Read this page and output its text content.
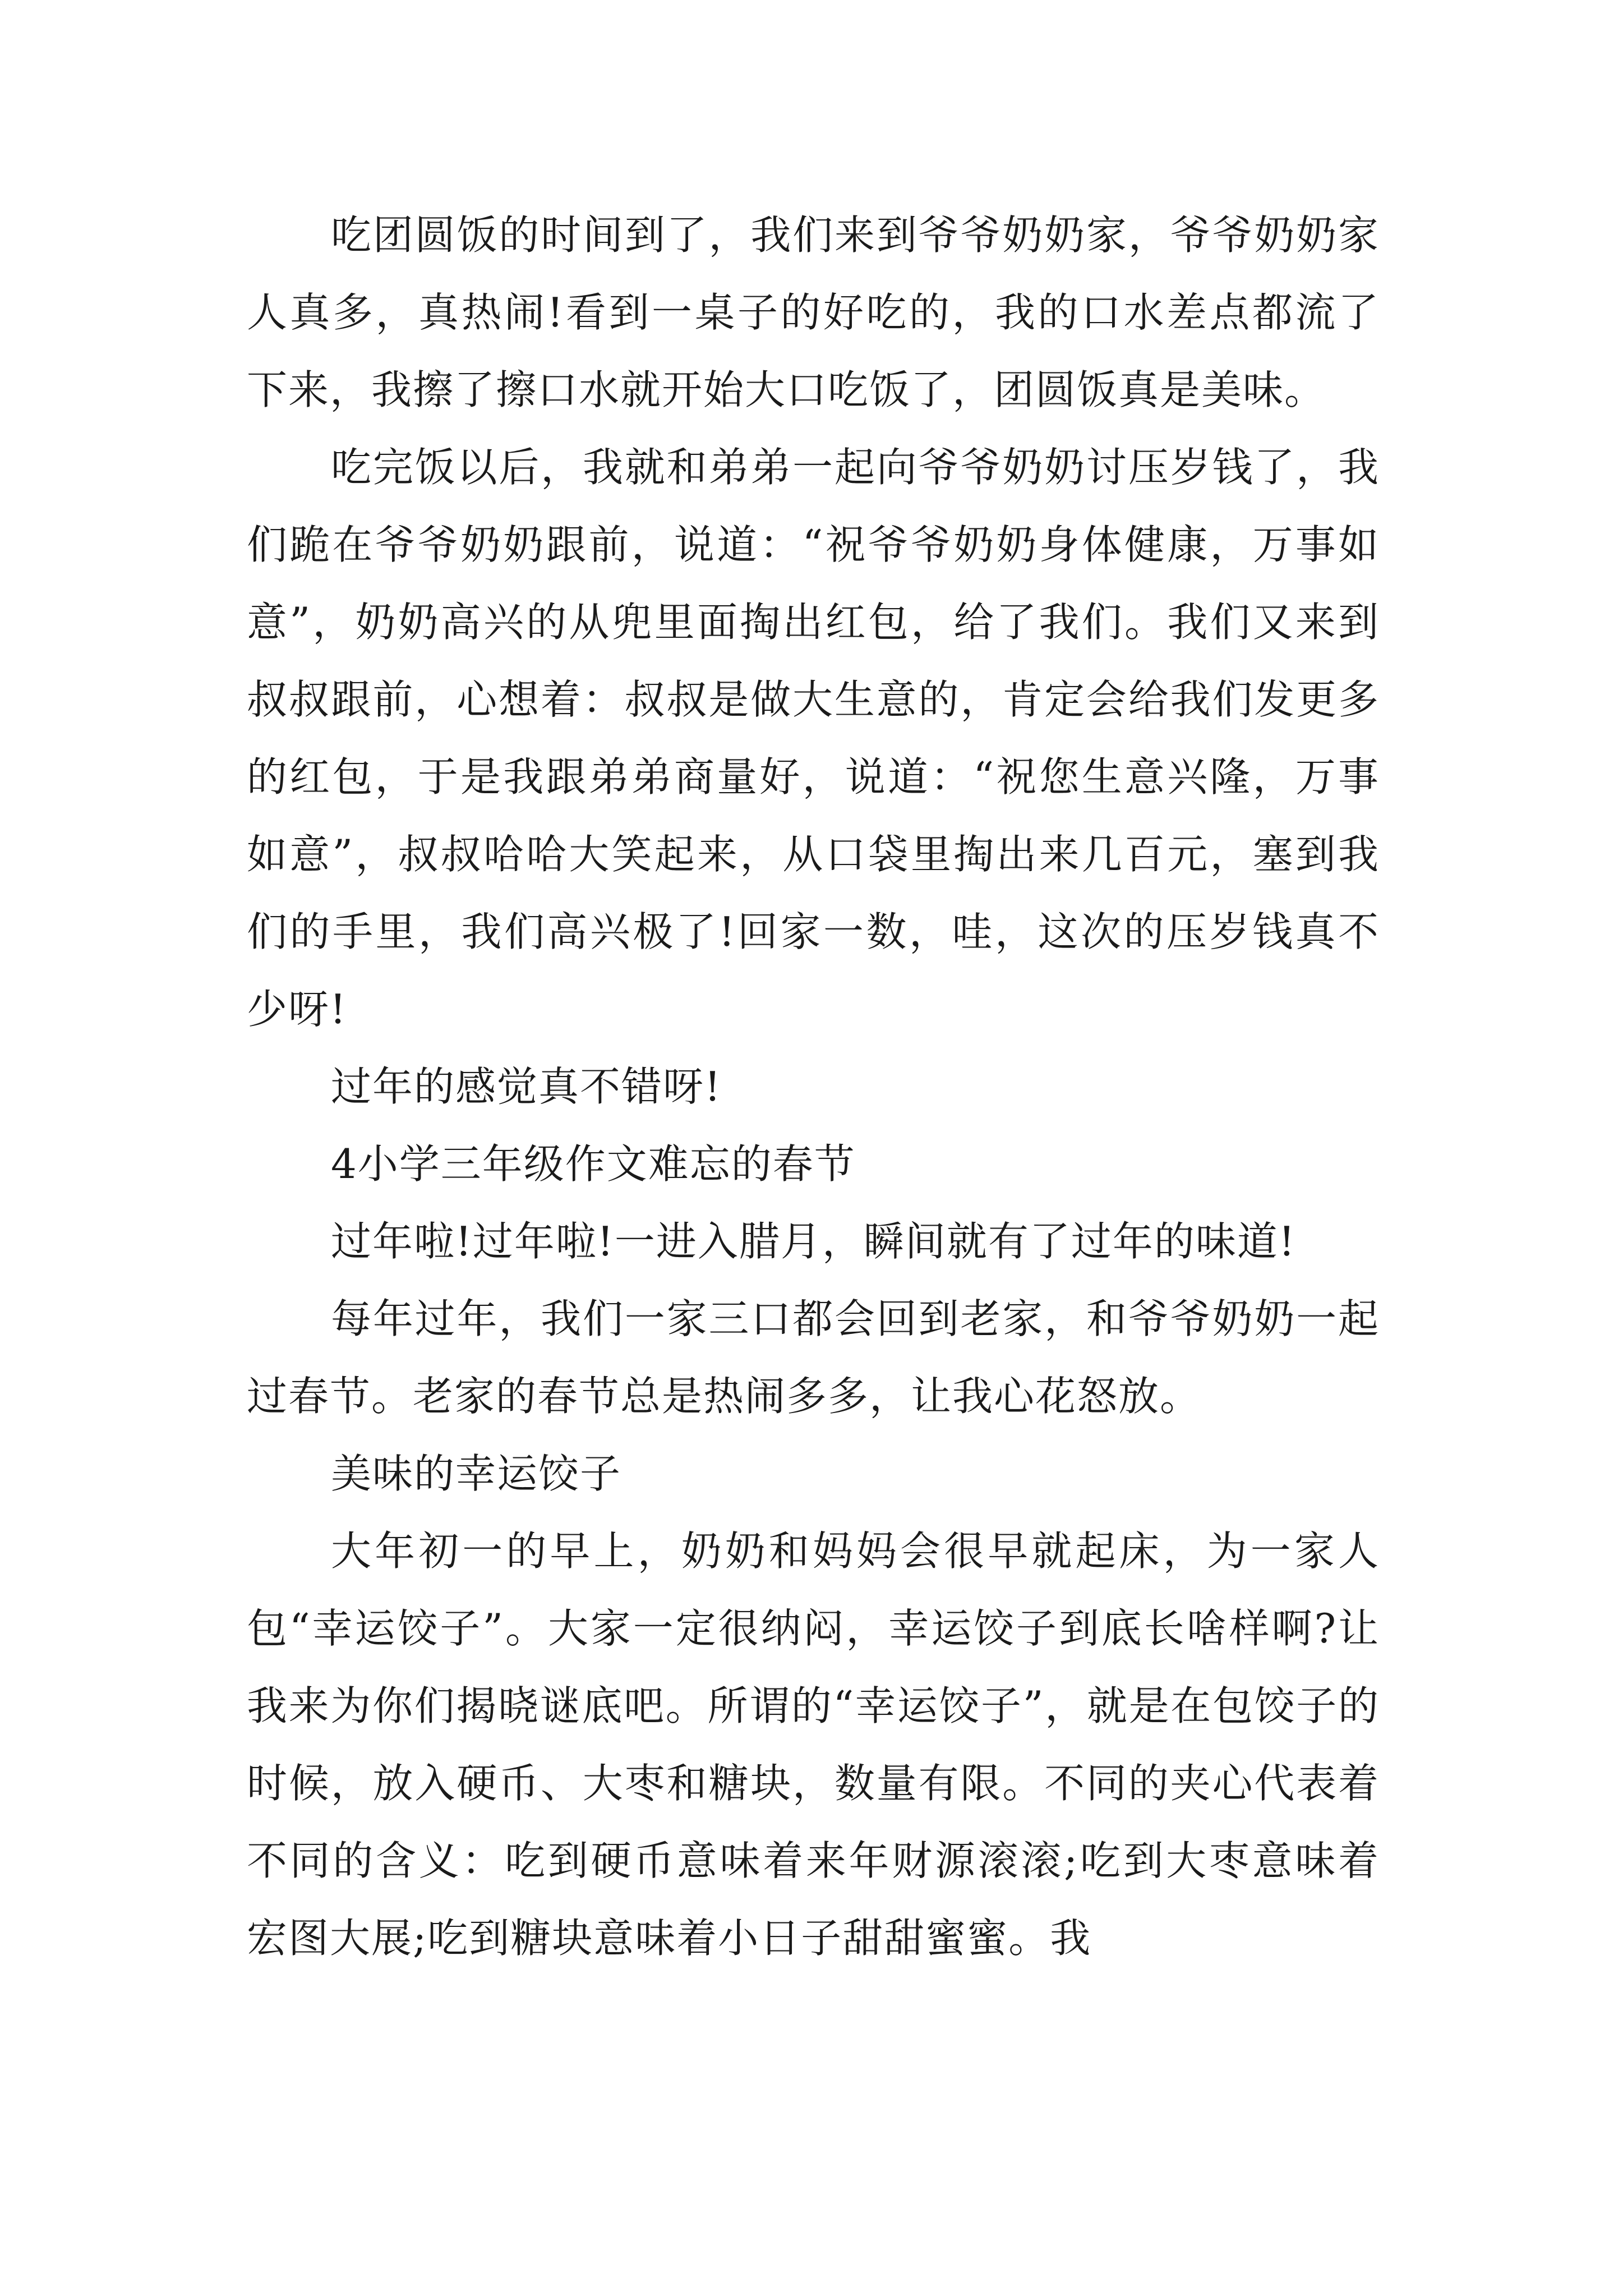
吃团圆饭的时间到了，我们来到爷爷奶奶家，爷爷奶奶家人真多，真热闹!看到一桌子的好吃的，我的口水差点都流了下来，我擦了擦口水就开始大口吃饭了，团圆饭真是美味。

吃完饭以后，我就和弟弟一起向爷爷奶奶讨压岁钱了，我们跪在爷爷奶奶跟前，说道：“祝爷爷奶奶身体健康，万事如意”，奶奶高兴的从兜里面掏出红包，给了我们。我们又来到叔叔跟前，心想着：叔叔是做大生意的，肯定会给我们发更多的红包，于是我跟弟弟商量好，说道：“祝您生意兴隆，万事如意”，叔叔哈哈大笑起来，从口袋里掏出来几百元，塞到我们的手里，我们高兴极了!回家一数，哇，这次的压岁钱真不少呀!

过年的感觉真不错呀!

4小学三年级作文难忘的春节

过年啦!过年啦!一进入腊月，瞬间就有了过年的味道!

每年过年，我们一家三口都会回到老家，和爷爷奶奶一起过春节。老家的春节总是热闹多多，让我心花怒放。

美味的幸运饺子

大年初一的早上，奶奶和妈妈会很早就起床，为一家人包“幸运饺子”。大家一定很纳闷，幸运饺子到底长啥样啊?让我来为你们揭晓谜底吧。所谓的“幸运饺子”，就是在包饺子的时候，放入硬币、大枣和糖块，数量有限。不同的夹心代表着不同的含义：吃到硬币意味着来年财源滚滚;吃到大枣意味着宏图大展;吃到糖块意味着小日子甜甜蜜蜜。我
